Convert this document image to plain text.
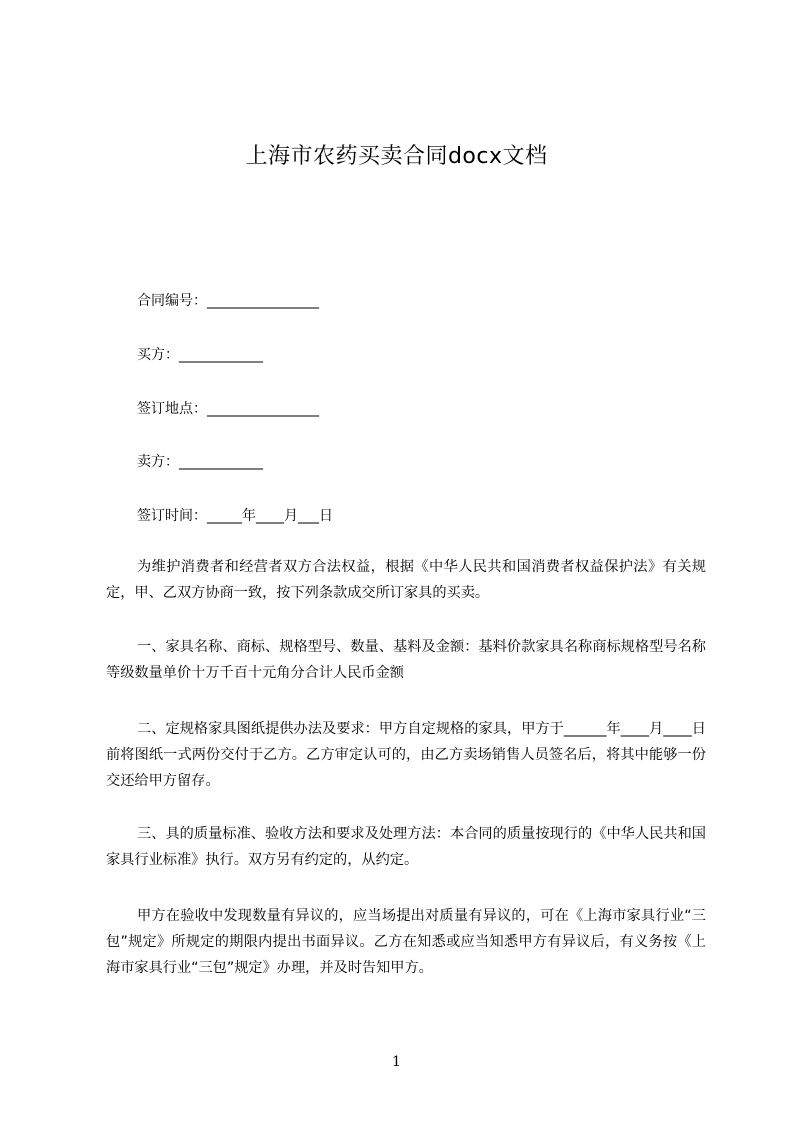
上海市农药买卖合同docx文档
合同编号：________________
买方：____________
签订地点：________________
卖方：____________
签订时间：_____年____月___日
为维护消费者和经营者双方合法权益，根据《中华人民共和国消费者权益保护法》有关规定，甲、乙双方协商一致，按下列条款成交所订家具的买卖。
一、家具名称、商标、规格型号、数量、基料及金额：基料价款家具名称商标规格型号名称等级数量单价十万千百十元角分合计人民币金额
二、定规格家具图纸提供办法及要求：甲方自定规格的家具，甲方于______年____月____日前将图纸一式两份交付于乙方。乙方审定认可的，由乙方卖场销售人员签名后，将其中能够一份交还给甲方留存。
三、具的质量标准、验收方法和要求及处理方法：本合同的质量按现行的《中华人民共和国家具行业标准》执行。双方另有约定的，从约定。
甲方在验收中发现数量有异议的，应当场提出对质量有异议的，可在《上海市家具行业“三包”规定》所规定的期限内提出书面异议。乙方在知悉或应当知悉甲方有异议后，有义务按《上海市家具行业“三包”规定》办理，并及时告知甲方。
1
